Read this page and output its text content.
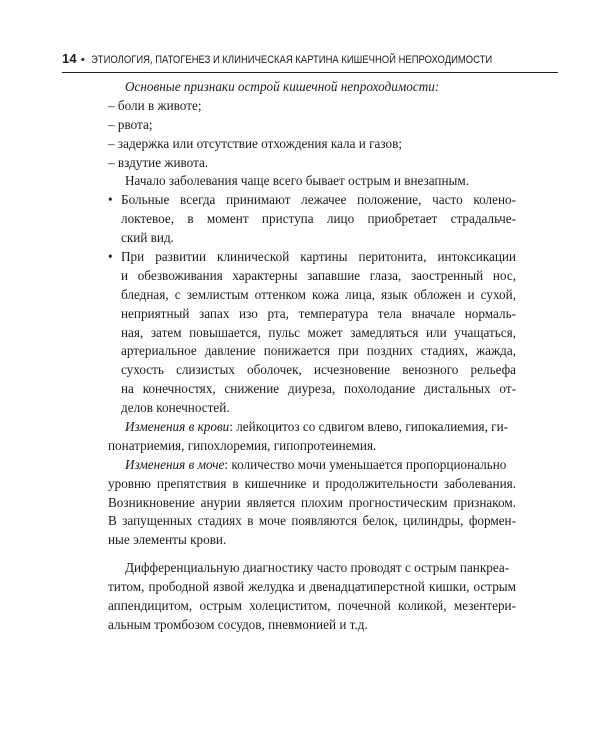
14 • ЭТИОЛОГИЯ, ПАТОГЕНЕЗ И КЛИНИЧЕСКАЯ КАРТИНА КИШЕЧНОЙ НЕПРОХОДИМОСТИ
Основные признаки острой кишечной непроходимости:
– боли в животе;
– рвота;
– задержка или отсутствие отхождения кала и газов;
– вздутие живота.
Начало заболевания чаще всего бывает острым и внезапным.
• Больные всегда принимают лежачее положение, часто колено-
локтевое, в момент приступа лицо приобретает страдальче-
ский вид.
• При развитии клинической картины перитонита, интоксикации
и обезвоживания характерны запавшие глаза, заостренный нос,
бледная, с землистым оттенком кожа лица, язык обложен и сухой,
неприятный запах изо рта, температура тела вначале нормаль-
ная, затем повышается, пульс может замедляться или учащаться,
артериальное давление понижается при поздних стадиях, жажда,
сухость слизистых оболочек, исчезновение венозного рельефа
на конечностях, снижение диуреза, похолодание дистальных от-
делов конечностей.
Изменения в крови: лейкоцитоз со сдвигом влево, гипокалиемия, ги-
понатриемия, гипохлоремия, гипопротеинемия.
Изменения в моче: количество мочи уменьшается пропорционально
уровню препятствия в кишечнике и продолжительности заболевания.
Возникновение анурии является плохим прогностическим признаком.
В запущенных стадиях в моче появляются белок, цилиндры, формен-
ные элементы крови.
Дифференциальную диагностику часто проводят с острым панкреа-
титом, прободной язвой желудка и двенадцатиперстной кишки, острым
аппендицитом, острым холециститом, почечной коликой, мезентери-
альным тромбозом сосудов, пневмонией и т.д.
